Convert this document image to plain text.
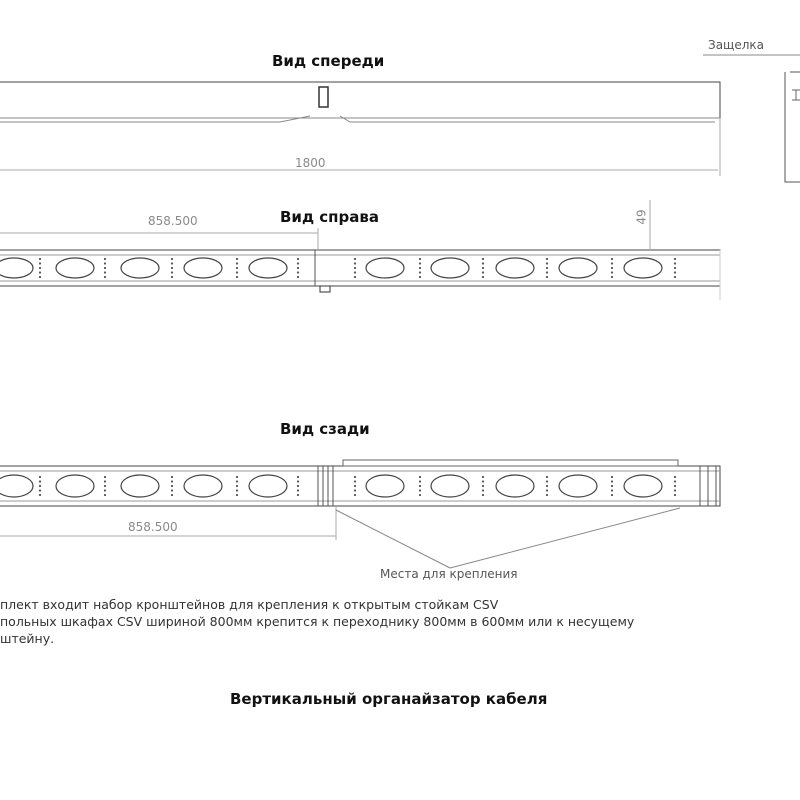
Вид спереди
1800
Защелка
Вид справа
858.500	49
Вид сзади
858.500
Места для крепления
плект входит набор кронштейнов для крепления к открытым стойкам CSV
польных шкафах CSV шириной 800мм крепится к переходнику 800мм в 600мм или к несущему
штейну.
Вертикальный органайзатор кабеля
